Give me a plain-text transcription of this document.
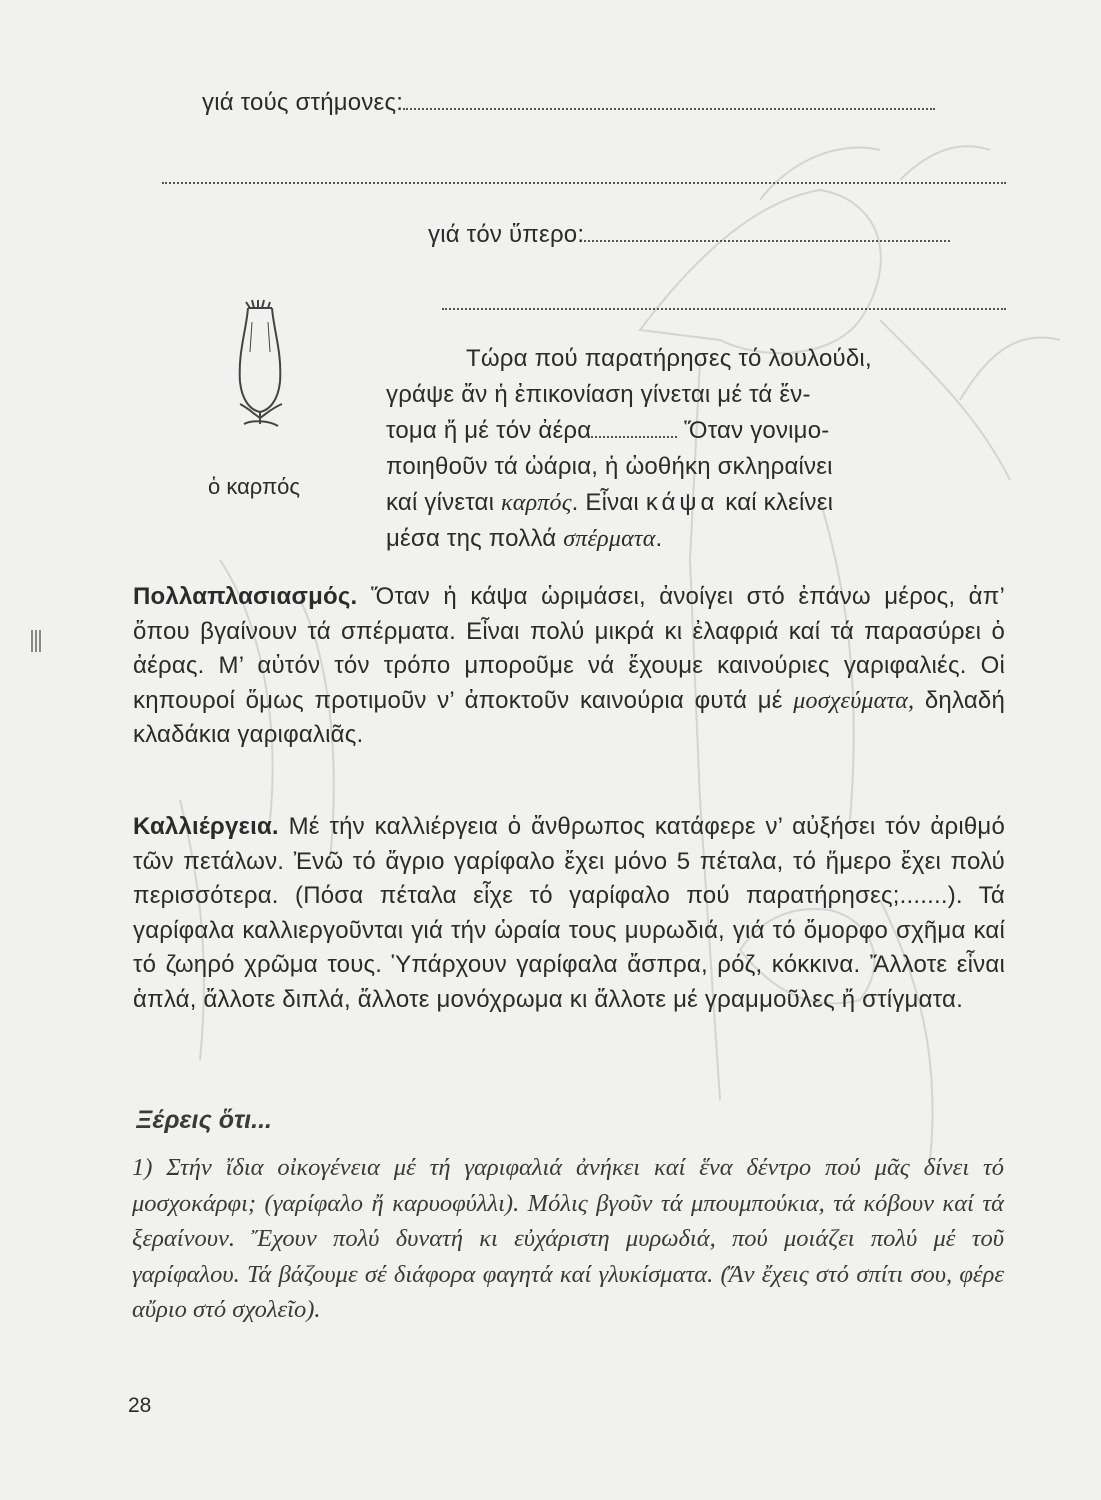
γιά τούς στήμονες:
γιά τόν ὕπερο:
ὁ καρπός
Τώρα πού παρατήρησες τό λουλούδι,
γράψε ἄν ἡ ἐπικονίαση γίνεται μέ τά ἔν-
τομα ἤ μέ τόν ἀέρα	Ὅταν γονιμο-
ποιηθοῦν τά ὠάρια, ἡ ὠοθήκη σκληραίνει
καί γίνεται καρπός. Εἶναι κάψα καί κλείνει
μέσα της πολλά σπέρματα.

Πολλαπλασιασμός. Ὅταν ἡ κάψα ὡριμάσει, ἀνοίγει στό ἐπάνω μέρος, ἀπ’ ὅπου βγαίνουν τά σπέρματα. Εἶναι πολύ μικρά κι ἐλαφριά καί τά παρασύρει ὁ ἀέρας. Μ’ αὐτόν τόν τρόπο μποροῦμε νά ἔχουμε καινούριες γαριφαλιές. Οἱ κηπουροί ὅμως προτιμοῦν ν’ ἀποκτοῦν καινούρια φυτά μέ μοσχεύματα, δηλαδή κλαδάκια γαριφαλιᾶς.

Καλλιέργεια. Μέ τήν καλλιέργεια ὁ ἄνθρωπος κατάφερε ν’ αὐξήσει τόν ἀριθμό τῶν πετάλων. Ἐνῶ τό ἄγριο γαρίφαλο ἔχει μόνο 5 πέταλα, τό ἥμερο ἔχει πολύ περισσότερα. (Πόσα πέταλα εἶχε τό γαρίφαλο πού παρατήρησες;.......). Τά γαρίφαλα καλλιεργοῦνται γιά τήν ὡραία τους μυρωδιά, γιά τό ὄμορφο σχῆμα καί τό ζωηρό χρῶμα τους. Ὑπάρχουν γαρίφαλα ἄσπρα, ρόζ, κόκκινα. Ἄλλοτε εἶναι ἁπλά, ἄλλοτε διπλά, ἄλλοτε μονόχρωμα κι ἄλλοτε μέ γραμμοῦλες ἤ στίγματα.

Ξέρεις ὅτι...
1) Στήν ἴδια οἰκογένεια μέ τή γαριφαλιά ἀνήκει καί ἕνα δέντρο πού μᾶς δίνει τό μοσχοκάρφι; (γαρίφαλο ἤ καρυοφύλλι). Μόλις βγοῦν τά μπουμπούκια, τά κόβουν καί τά ξεραίνουν. Ἔχουν πολύ δυνατή κι εὐχάριστη μυρωδιά, πού μοιάζει πολύ μέ τοῦ γαρίφαλου. Τά βάζουμε σέ διάφορα φαγητά καί γλυκίσματα. (Ἄν ἔχεις στό σπίτι σου, φέρε αὔριο στό σχολεῖο).
28
